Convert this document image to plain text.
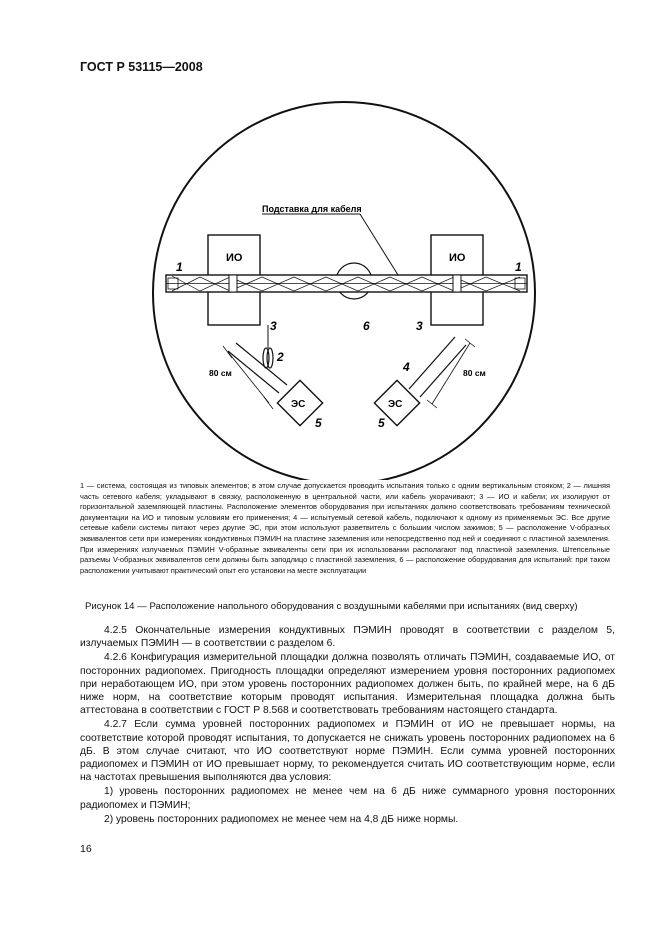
ГОСТ Р 53115—2008
Подставка для кабеля
ИО	ИО
1	1
3	3
6
2
4
5	5
ЭС
80 см
ЭС
80 см

1 — система, состоящая из типовых элементов; в этом случае допускается проводить испытания только с одним вертикальным стояком; 2 — лишняя часть сетевого кабеля; укладывают в связку, расположенную в центральной части, или кабель укорачивают; 3 — ИО и кабели; их изолируют от горизонтальной заземляющей пластины. Расположение элементов оборудования при испытаниях должно соответствовать требованиям технической документации на ИО и типовым условиям его применения; 4 — испытуемый сетевой кабель, подключают к одному из применяемых ЭС. Все другие сетевые кабели системы питают через другие ЭС, при этом используют разветвитель с большим числом зажимов; 5 — расположение V-образных эквивалентов сети при измерениях кондуктивных ПЭМИН на пластине заземления или непосредственно под ней и соединяют с пластиной заземления. При измерениях излучаемых ПЭМИН V-образные эквиваленты сети при их использовании располагают под пластиной заземления. Штепсельные разъемы V-образных эквивалентов сети должны быть заподлицо с пластиной заземления, 6 — расположение оборудования для испытаний: при таком расположении учитывают практический опыт его установки на месте эксплуатации

Рисунок 14 — Расположение напольного оборудования с воздушными кабелями при испытаниях (вид сверху)

4.2.5 Окончательные измерения кондуктивных ПЭМИН проводят в соответствии с разделом 5, излучаемых ПЭМИН — в соответствии с разделом 6.

4.2.6 Конфигурация измерительной площадки должна позволять отличать ПЭМИН, создаваемые ИО, от посторонних радиопомех. Пригодность площадки определяют измерением уровня посторонних радиопомех при неработающем ИО, при этом уровень посторонних радиопомех должен быть, по крайней мере, на 6 дБ ниже норм, на соответствие которым проводят испытания. Измерительная площадка должна быть аттестована в соответствии с ГОСТ Р 8.568 и соответствовать требованиям настоящего стандарта.

4.2.7 Если сумма уровней посторонних радиопомех и ПЭМИН от ИО не превышает нормы, на соответствие которой проводят испытания, то допускается не снижать уровень посторонних радиопомех на 6 дБ. В этом случае считают, что ИО соответствуют норме ПЭМИН. Если сумма уровней посторонних радиопомех и ПЭМИН от ИО превышает норму, то рекомендуется считать ИО соответствующим норме, если на частотах превышения выполняются два условия:

1) уровень посторонних радиопомех не менее чем на 6 дБ ниже суммарного уровня посторонних радиопомех и ПЭМИН;

2) уровень посторонних радиопомех не менее чем на 4,8 дБ ниже нормы.

16
